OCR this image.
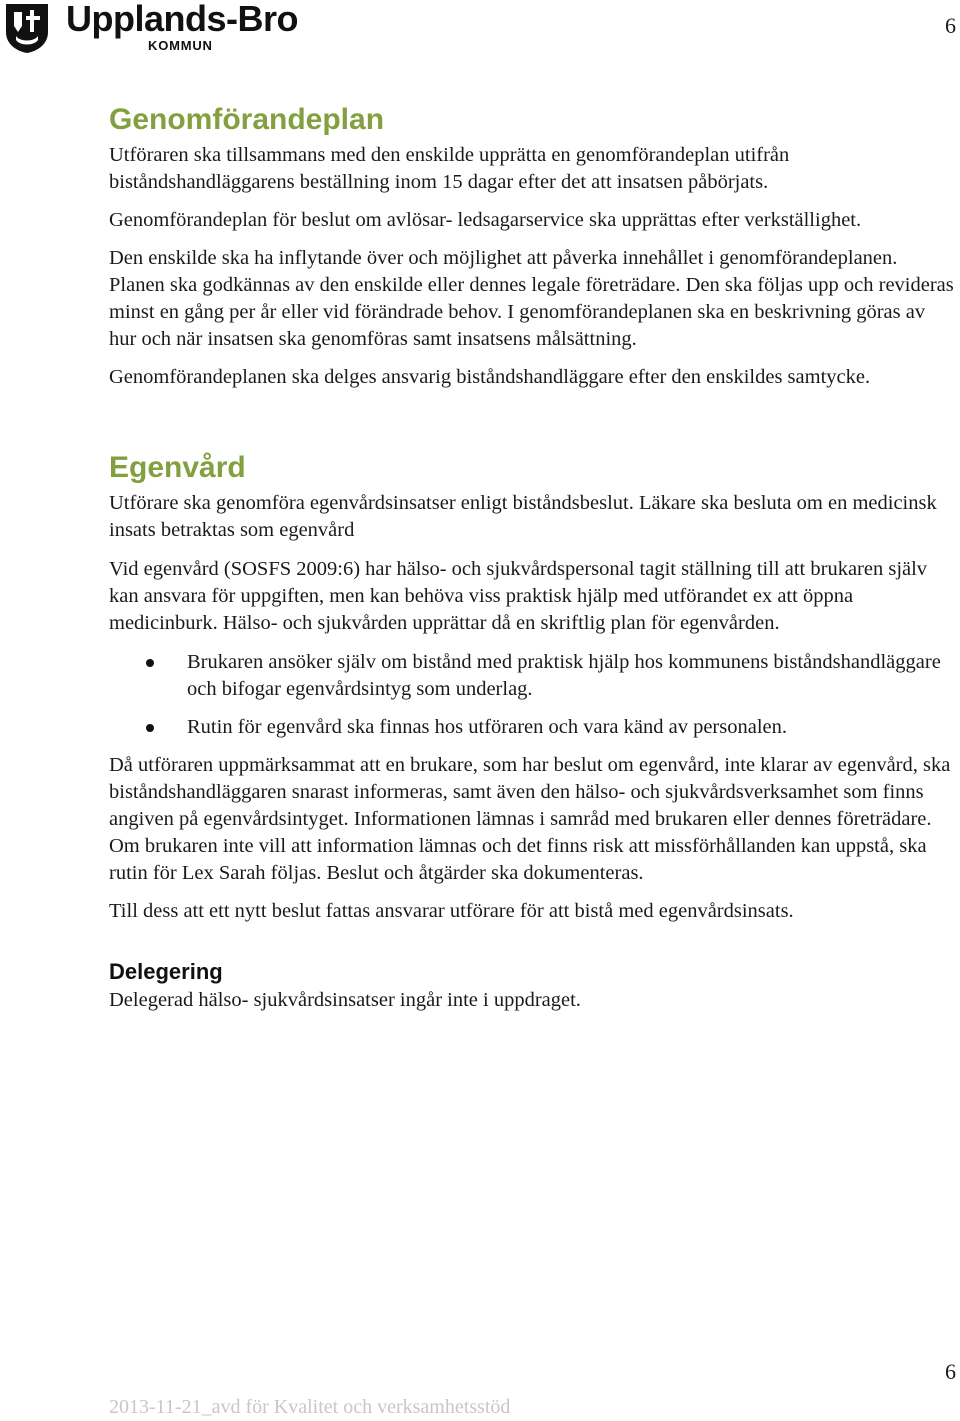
Upplands-Bro
KOMMUN
6
Genomförandeplan

Utföraren ska tillsammans med den enskilde upprätta en genomförandeplan utifrån biståndshandläggarens beställning inom 15 dagar efter det att insatsen påbörjats.

Genomförandeplan för beslut om avlösar- ledsagarservice ska upprättas efter verkställighet.

Den enskilde ska ha inflytande över och möjlighet att påverka innehållet i genomförandeplanen. Planen ska godkännas av den enskilde eller dennes legale företrädare. Den ska följas upp och revideras minst en gång per år eller vid förändrade behov. I genomförandeplanen ska en beskrivning göras av hur och när insatsen ska genomföras samt insatsens målsättning.

Genomförandeplanen ska delges ansvarig biståndshandläggare efter den enskildes samtycke.

Egenvård

Utförare ska genomföra egenvårdsinsatser enligt biståndsbeslut. Läkare ska besluta om en medicinsk insats betraktas som egenvård

Vid egenvård (SOSFS 2009:6) har hälso- och sjukvårdspersonal tagit ställning till att brukaren själv kan ansvara för uppgiften, men kan behöva viss praktisk hjälp med utförandet ex att öppna medicinburk. Hälso- och sjukvården upprättar då en skriftlig plan för egenvården.

Brukaren ansöker själv om bistånd med praktisk hjälp hos kommunens biståndshandläggare och bifogar egenvårdsintyg som underlag.
Rutin för egenvård ska finnas hos utföraren och vara känd av personalen.

Då utföraren uppmärksammat att en brukare, som har beslut om egenvård, inte klarar av egenvård, ska biståndshandläggaren snarast informeras, samt även den hälso- och sjukvårdsverksamhet som finns angiven på egenvårdsintyget. Informationen lämnas i samråd med brukaren eller dennes företrädare. Om brukaren inte vill att information lämnas och det finns risk att missförhållanden kan uppstå, ska rutin för Lex Sarah följas. Beslut och åtgärder ska dokumenteras.

Till dess att ett nytt beslut fattas ansvarar utförare för att bistå med egenvårdsinsats.

Delegering

Delegerad hälso- sjukvårdsinsatser ingår inte i uppdraget.

6
2013-11-21_avd för Kvalitet och verksamhetsstöd
